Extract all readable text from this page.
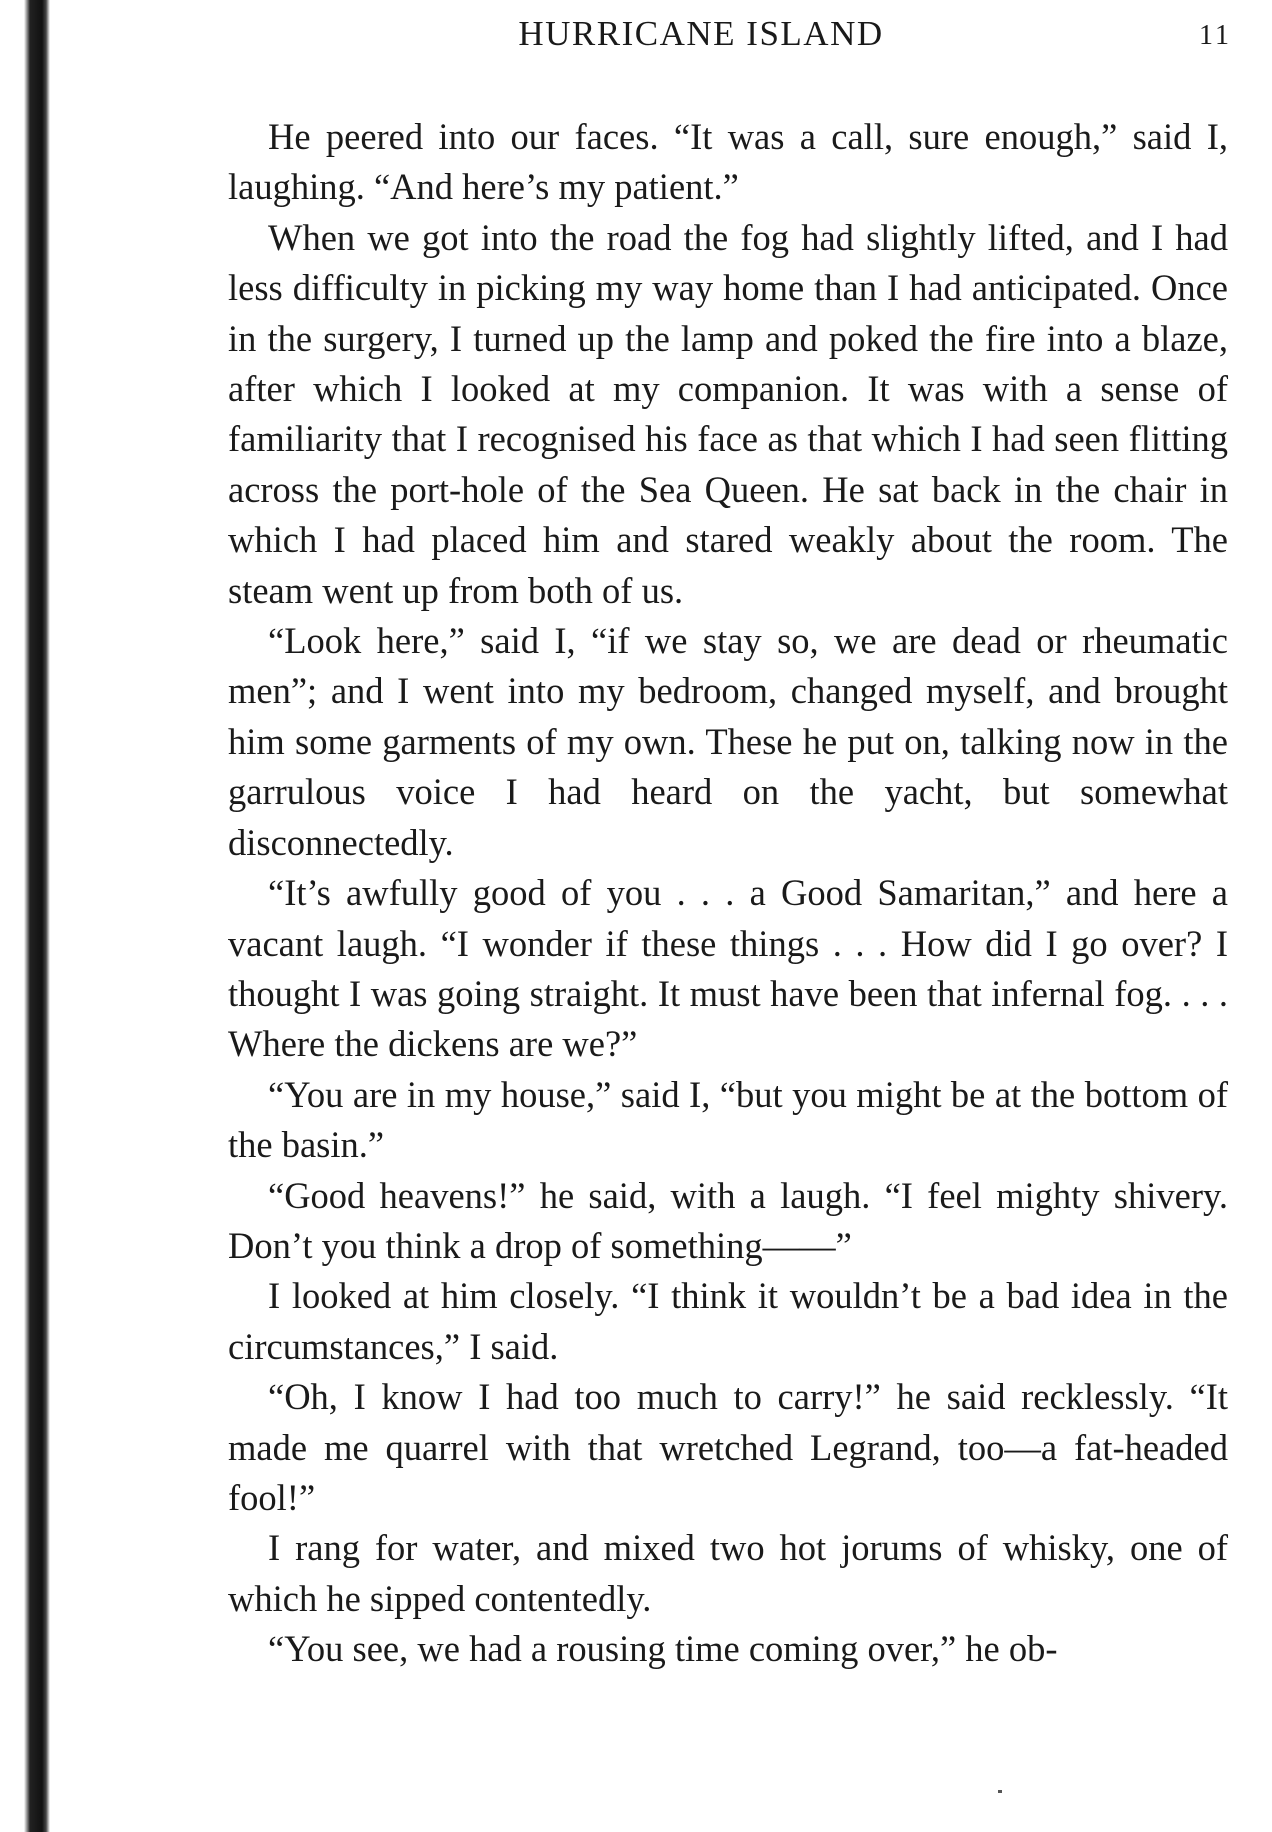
HURRICANE ISLAND	11

He peered into our faces. “It was a call, sure enough,” said I, laughing. “And here’s my patient.”

When we got into the road the fog had slightly lifted, and I had less difficulty in picking my way home than I had anticipated. Once in the surgery, I turned up the lamp and poked the fire into a blaze, after which I looked at my companion. It was with a sense of familiarity that I recognised his face as that which I had seen flitting across the port-hole of the Sea Queen. He sat back in the chair in which I had placed him and stared weakly about the room. The steam went up from both of us.

“Look here,” said I, “if we stay so, we are dead or rheumatic men”; and I went into my bedroom, changed myself, and brought him some garments of my own. These he put on, talking now in the garrulous voice I had heard on the yacht, but somewhat disconnectedly.

“It’s awfully good of you . . . a Good Samaritan,” and here a vacant laugh. “I wonder if these things . . . How did I go over? I thought I was going straight. It must have been that infernal fog. . . . Where the dickens are we?”

“You are in my house,” said I, “but you might be at the bottom of the basin.”

“Good heavens!” he said, with a laugh. “I feel mighty shivery. Don’t you think a drop of something——”

I looked at him closely. “I think it wouldn’t be a bad idea in the circumstances,” I said.

“Oh, I know I had too much to carry!” he said recklessly. “It made me quarrel with that wretched Legrand, too—a fat-headed fool!”

I rang for water, and mixed two hot jorums of whisky, one of which he sipped contentedly.

“You see, we had a rousing time coming over,” he ob-
